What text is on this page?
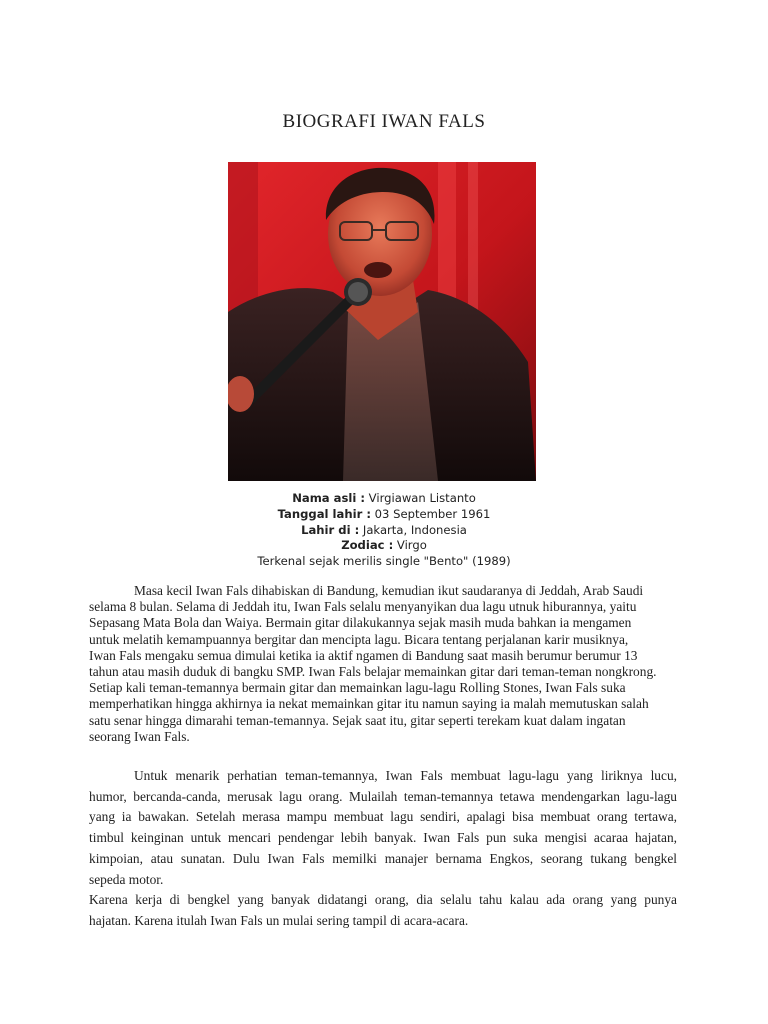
BIOGRAFI IWAN FALS
Nama asli : Virgiawan Listanto
Tanggal lahir : 03 September 1961
Lahir di : Jakarta, Indonesia
Zodiac : Virgo
Terkenal sejak merilis single "Bento" (1989)
Masa kecil Iwan Fals dihabiskan di Bandung, kemudian ikut saudaranya di Jeddah, Arab Saudi
selama 8 bulan. Selama di Jeddah itu, Iwan Fals selalu menyanyikan dua lagu utnuk hiburannya, yaitu
Sepasang Mata Bola dan Waiya. Bermain gitar dilakukannya sejak masih muda bahkan ia mengamen
untuk melatih kemampuannya bergitar dan mencipta lagu. Bicara tentang perjalanan karir musiknya,
Iwan Fals mengaku semua dimulai ketika ia aktif ngamen di Bandung saat masih berumur berumur 13
tahun atau masih duduk di bangku SMP. Iwan Fals belajar memainkan gitar dari teman-teman nongkrong.
Setiap kali teman-temannya bermain gitar dan memainkan lagu-lagu Rolling Stones, Iwan Fals suka
memperhatikan hingga akhirnya ia nekat memainkan gitar itu namun saying ia malah memutuskan salah
satu senar hingga dimarahi teman-temannya. Sejak saat itu, gitar seperti terekam kuat dalam ingatan
seorang Iwan Fals.
Untuk menarik perhatian teman-temannya, Iwan Fals membuat lagu-lagu yang liriknya lucu,
humor, bercanda-canda, merusak lagu orang. Mulailah teman-temannya tetawa mendengarkan lagu-lagu
yang ia bawakan. Setelah merasa mampu membuat lagu sendiri, apalagi bisa membuat orang tertawa,
timbul keinginan untuk mencari pendengar lebih banyak. Iwan Fals pun suka mengisi acaraa hajatan,
kimpoian, atau sunatan. Dulu Iwan Fals memilki manajer bernama Engkos, seorang tukang bengkel
sepeda motor.
Karena kerja di bengkel yang banyak didatangi orang, dia selalu tahu kalau ada orang yang punya
hajatan. Karena itulah Iwan Fals un mulai sering tampil di acara-acara.
